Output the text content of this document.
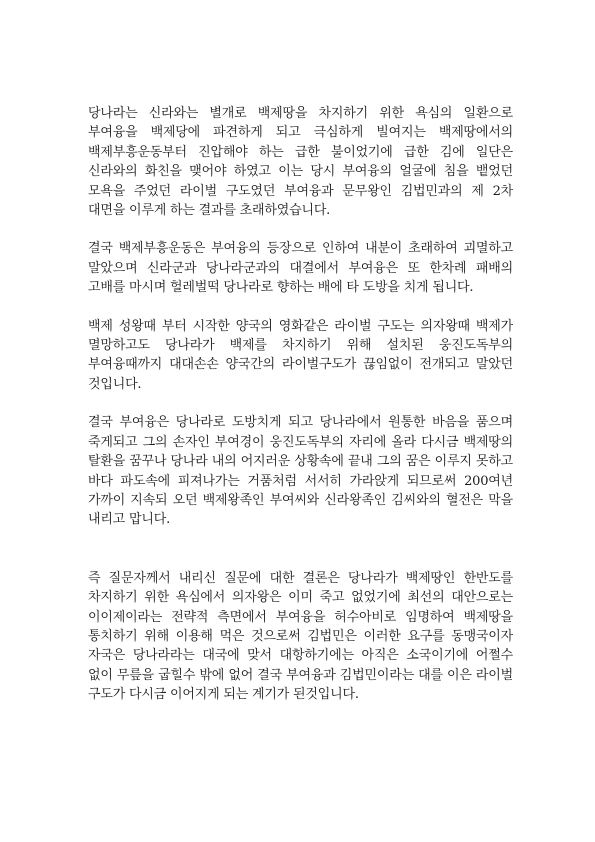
당나라는 신라와는 별개로 백제땅을 차지하기 위한 욕심의 일환으로 부여융을 백제당에 파견하게 되고 극심하게 빌여지는 백제땅에서의 백제부흥운동부터 진압해야 하는 급한 불이었기에 급한 김에 일단은 신라와의 화친을 맺어야 하였고 이는 당시 부여융의 얼굴에 침을 뱉었던 모욕을 주었던 라이벌 구도였던 부여융과 문무왕인 김법민과의 제 2차 대면을 이루게 하는 결과를 초래하였습니다.

결국 백제부흥운동은 부여융의 등장으로 인하여 내분이 초래하여 괴멸하고 말았으며 신라군과 당나라군과의 대결에서 부여융은 또 한차례 패배의 고배를 마시며 헐레벌떡 당나라로 향하는 배에 타 도방을 치게 됩니다.

백제 성왕때 부터 시작한 양국의 영화같은 라이벌 구도는 의자왕때 백제가 멸망하고도 당나라가 백제를 차지하기 위해 설치된 웅진도독부의 부여융때까지 대대손손 양국간의 라이벌구도가 끊임없이 전개되고 말았던 것입니다.

결국 부여융은 당나라로 도방치게 되고 당나라에서 원통한 바음을 품으며 죽게되고 그의 손자인 부여경이 웅진도독부의 자리에 올라 다시금 백제땅의 탈환을 꿈꾸나 당나라 내의 어지러운 상황속에 끝내 그의 꿈은 이루지 못하고 바다 파도속에 피져나가는 거품처럼 서서히 가라앉게 되므로써 200여년 가까이 지속되 오던 백제왕족인 부여씨와 신라왕족인 김씨와의 혈전은 막을 내리고 맙니다.

즉 질문자께서 내리신 질문에 대한 결론은 당나라가 백제땅인 한반도를 차지하기 위한 욕심에서 의자왕은 이미 죽고 없었기에 최선의 대안으로는 이이제이라는 전략적 측면에서 부여융을 허수아비로 임명하여 백제땅을 통치하기 위해 이용해 먹은 것으로써 김법민은 이러한 요구를 동맹국이자 자국은 당나라라는 대국에 맞서 대항하기에는 아직은 소국이기에 어쩔수 없이 무릎을 굽힐수 밖에 없어 결국 부여융과 김법민이라는 대를 이은 라이벌 구도가 다시금 이어지게 되는 계기가 된것입니다.
